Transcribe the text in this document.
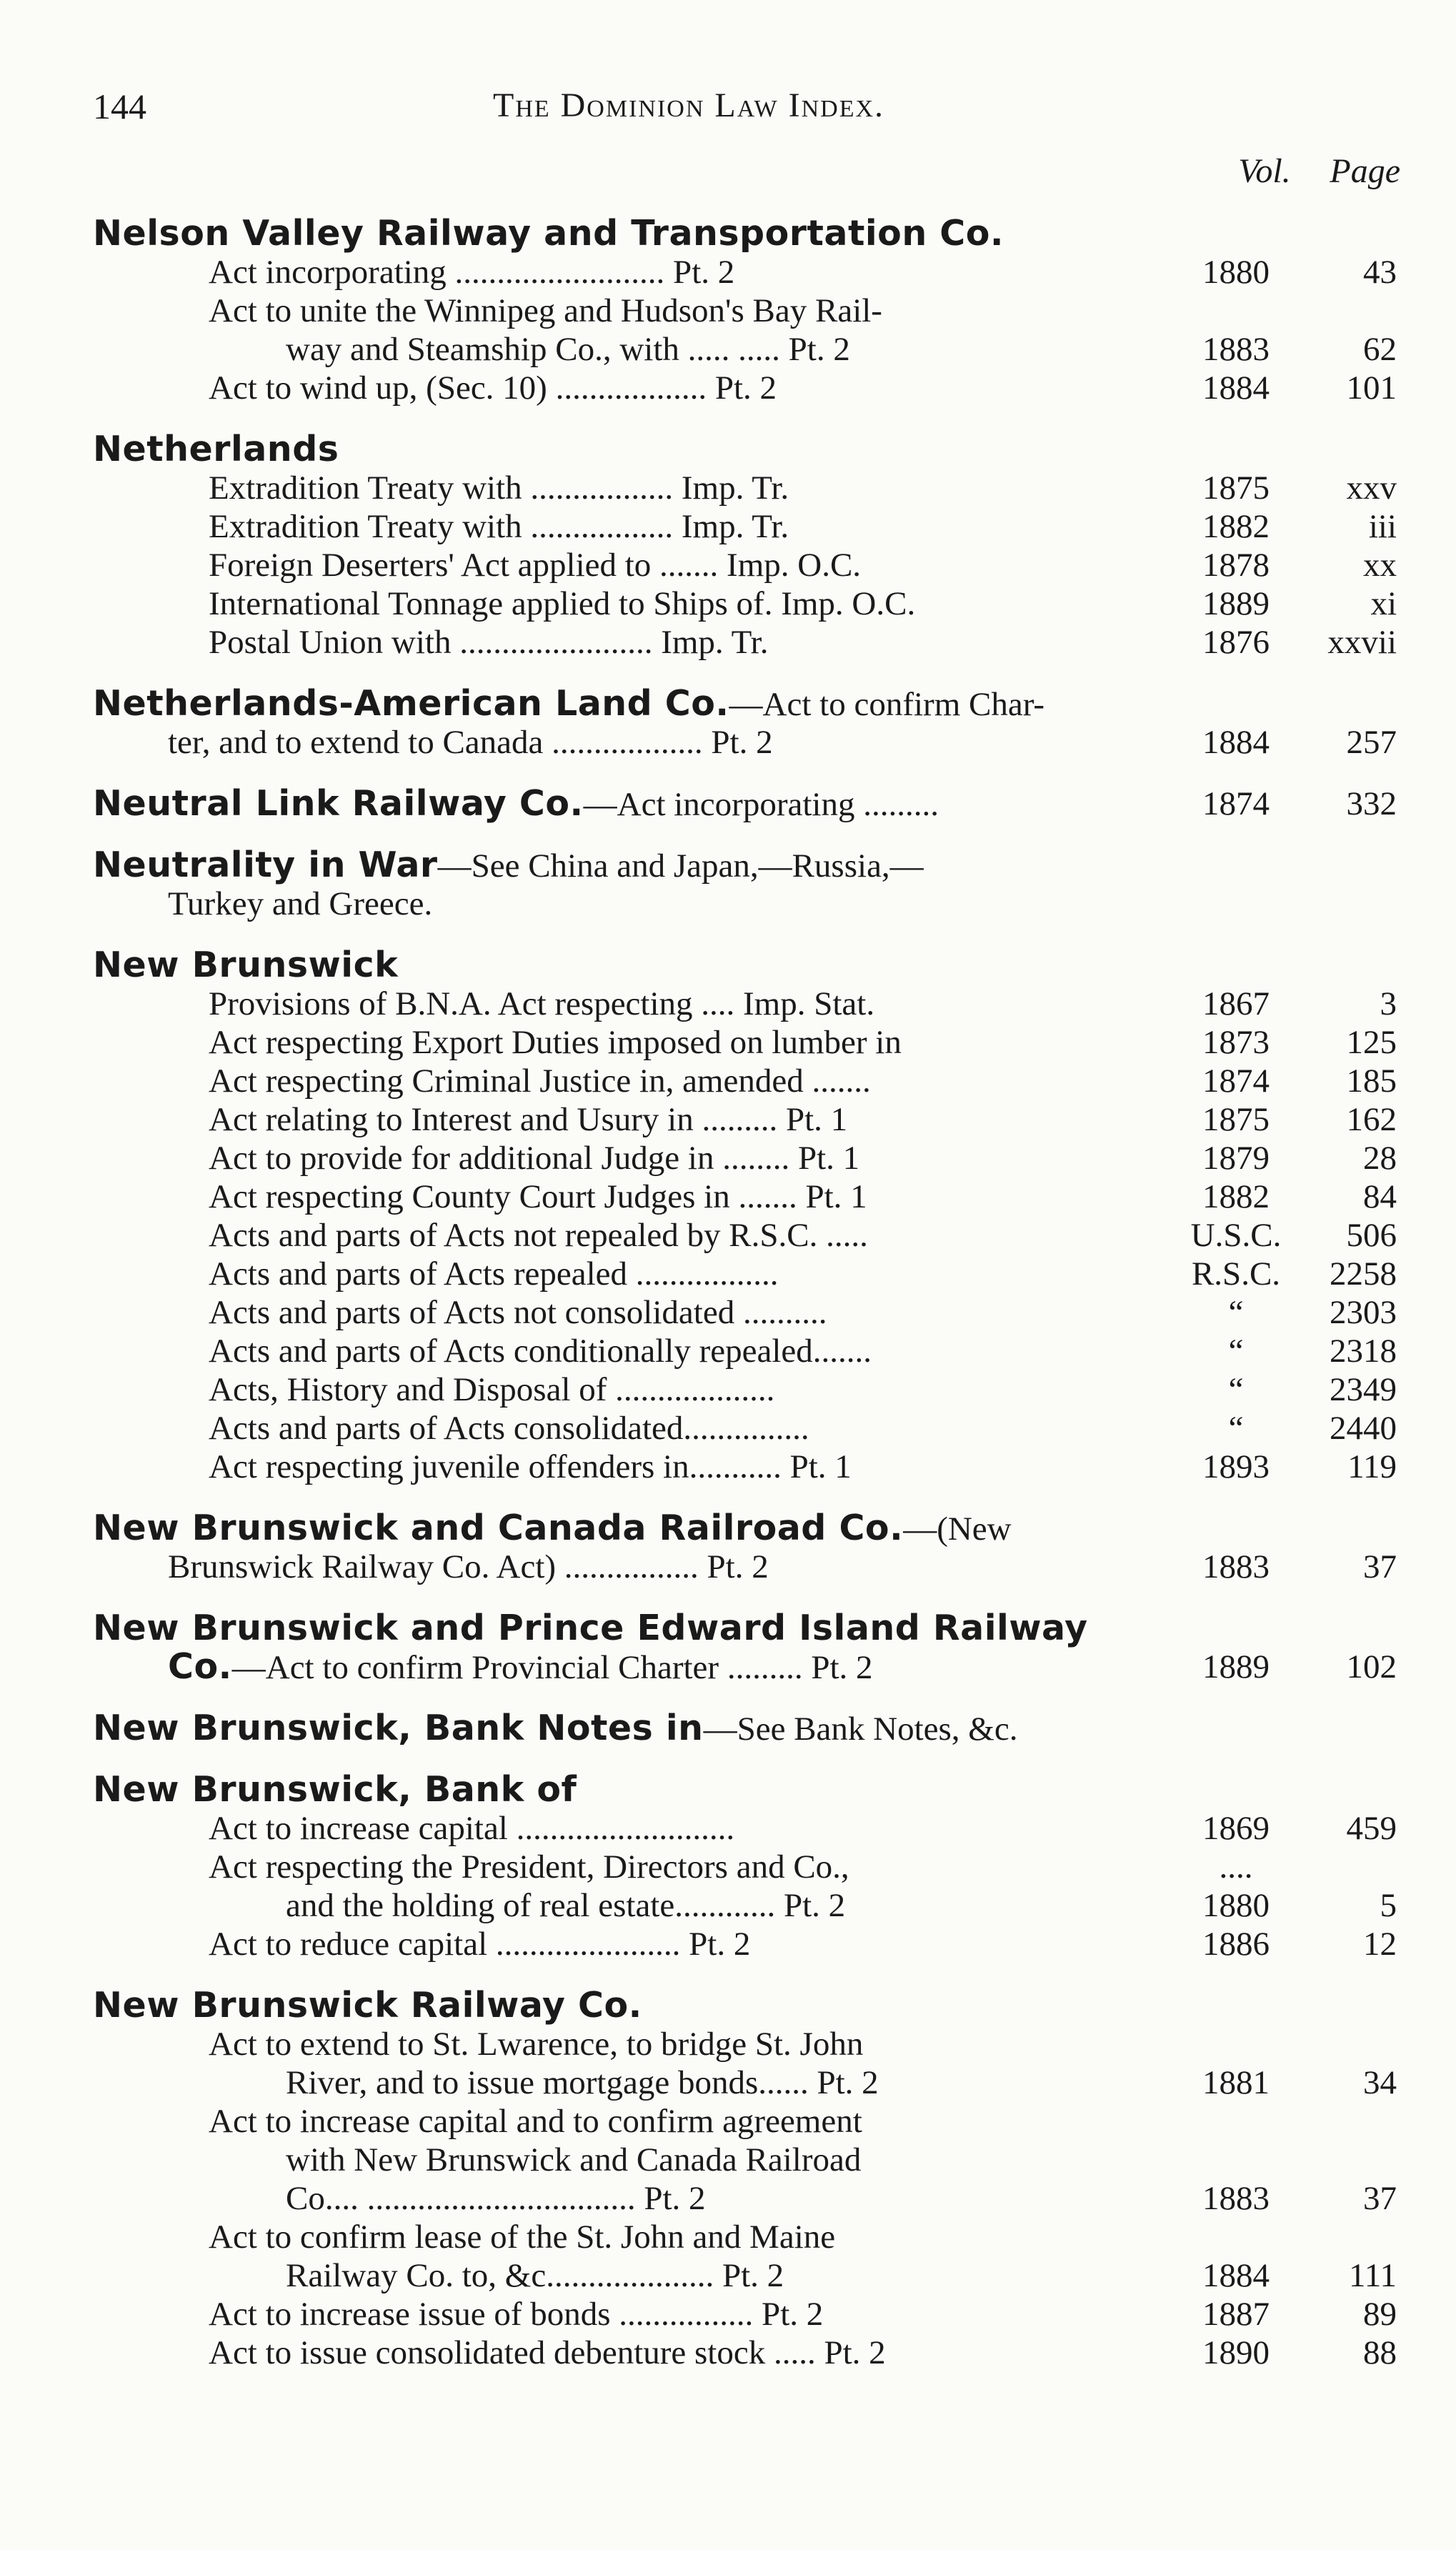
144	The Dominion Law Index.
Vol.	Page
Nelson Valley Railway and Transportation Co.
Act incorporating ......................... Pt. 2	1880	43
Act to unite the Winnipeg and Hudson's Bay Rail-
way and Steamship Co., with ..... ..... Pt. 2	1883	62
Act to wind up, (Sec. 10) .................. Pt. 2	1884	101
Netherlands
Extradition Treaty with ................. Imp. Tr.	1875	xxv
Extradition Treaty with ................. Imp. Tr.	1882	iii
Foreign Deserters' Act applied to ....... Imp. O.C.	1878	xx
International Tonnage applied to Ships of. Imp. O.C.	1889	xi
Postal Union with ....................... Imp. Tr.	1876	xxvii
Netherlands-American Land Co.—Act to confirm Char-
ter, and to extend to Canada .................. Pt. 2	1884	257
Neutral Link Railway Co.—Act incorporating .........	1874	332
Neutrality in War—See China and Japan,—Russia,—
Turkey and Greece.
New Brunswick
Provisions of B.N.A. Act respecting .... Imp. Stat.	1867	3
Act respecting Export Duties imposed on lumber in	1873	125
Act respecting Criminal Justice in, amended .......	1874	185
Act relating to Interest and Usury in ......... Pt. 1	1875	162
Act to provide for additional Judge in ........ Pt. 1	1879	28
Act respecting County Court Judges in ....... Pt. 1	1882	84
Acts and parts of Acts not repealed by R.S.C. .....	U.S.C.	506
Acts and parts of Acts repealed .................	R.S.C.	2258
Acts and parts of Acts not consolidated ..........	“	2303
Acts and parts of Acts conditionally repealed.......	“	2318
Acts, History and Disposal of ...................	“	2349
Acts and parts of Acts consolidated...............	“	2440
Act respecting juvenile offenders in........... Pt. 1	1893	119
New Brunswick and Canada Railroad Co.—(New
Brunswick Railway Co. Act) ................ Pt. 2	1883	37
New Brunswick and Prince Edward Island Railway
Co.—Act to confirm Provincial Charter ......... Pt. 2	1889	102
New Brunswick, Bank Notes in—See Bank Notes, &c.
New Brunswick, Bank of
Act to increase capital ..........................	1869	459
Act respecting the President, Directors and Co.,	....
and the holding of real estate............ Pt. 2	1880	5
Act to reduce capital ...................... Pt. 2	1886	12
New Brunswick Railway Co.
Act to extend to St. Lwarence, to bridge St. John
River, and to issue mortgage bonds...... Pt. 2	1881	34
Act to increase capital and to confirm agreement
with New Brunswick and Canada Railroad
Co.... ................................ Pt. 2	1883	37
Act to confirm lease of the St. John and Maine
Railway Co. to, &c.................... Pt. 2	1884	111
Act to increase issue of bonds ................ Pt. 2	1887	89
Act to issue consolidated debenture stock ..... Pt. 2	1890	88
